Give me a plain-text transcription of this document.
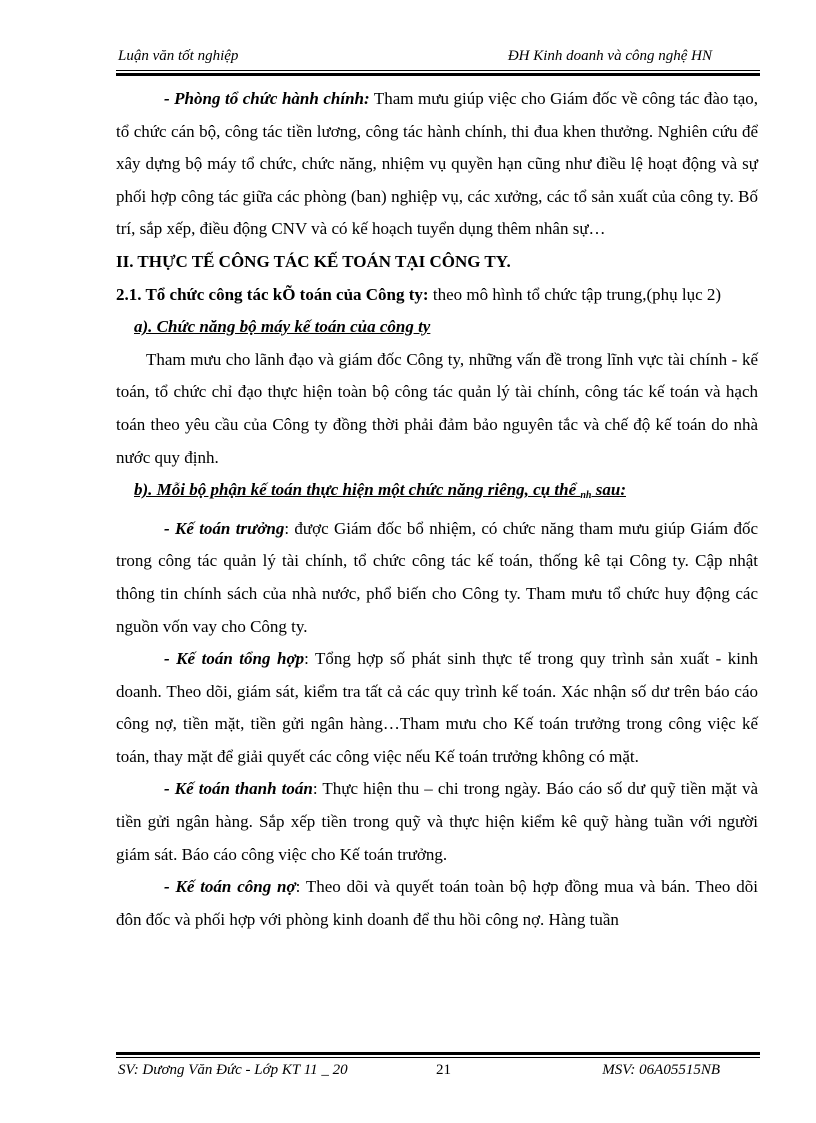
Luận văn tốt nghiệp	ĐH Kinh doanh và công nghệ HN

- Phòng tổ chức hành chính: Tham mưu giúp việc cho Giám đốc về công tác đào tạo, tổ chức cán bộ, công tác tiền lương, công tác hành chính, thi đua khen thưởng. Nghiên cứu để xây dựng bộ máy tổ chức, chức năng, nhiệm vụ quyền hạn cũng như điều lệ hoạt động và sự phối hợp công tác giữa các phòng (ban) nghiệp vụ, các xưởng, các tổ sản xuất của công ty. Bố trí, sắp xếp, điều động CNV và có kế hoạch tuyển dụng thêm nhân sự…

II. THỰC TẾ CÔNG TÁC KẾ TOÁN TẠI CÔNG TY.

2.1. Tổ chức công tác kÕ toán của Công ty: theo mô hình tổ chức tập trung,(phụ lục 2)

a). Chức năng bộ máy kế toán của công ty

Tham mưu cho lãnh đạo và giám đốc Công ty, những vấn đề trong lĩnh vực tài chính - kế toán, tổ chức chỉ đạo thực hiện toàn bộ công tác quản lý tài chính, công tác kế toán và hạch toán theo yêu cầu của Công ty đồng thời phải đảm bảo nguyên tắc và chế độ kế toán do nhà nước quy định.

b). Mỗi bộ phận kế toán thực hiện một chức năng riêng, cụ thể nh sau:

- Kế toán trưởng: được Giám đốc bổ nhiệm, có chức năng tham mưu giúp Giám đốc trong công tác quản lý tài chính, tổ chức công tác kế toán, thống kê tại Công ty. Cập nhật thông tin chính sách của nhà nước, phổ biến cho Công ty. Tham mưu tổ chức huy động các nguồn vốn vay cho Công ty.

- Kế toán tổng hợp: Tổng hợp số phát sinh thực tế trong quy trình sản xuất - kinh doanh. Theo dõi, giám sát, kiểm tra tất cả các quy trình kế toán. Xác nhận số dư trên báo cáo công nợ, tiền mặt, tiền gửi ngân hàng…Tham mưu cho Kế toán trưởng trong công việc kế toán, thay mặt để giải quyết các công việc nếu Kế toán trưởng không có mặt.

- Kế toán thanh toán: Thực hiện thu – chi trong ngày. Báo cáo số dư quỹ tiền mặt và tiền gửi ngân hàng. Sắp xếp tiền trong quỹ và thực hiện kiểm kê quỹ hàng tuần với người giám sát. Báo cáo công việc cho Kế toán trưởng.

- Kế toán công nợ: Theo dõi và quyết toán toàn bộ hợp đồng mua và bán. Theo dõi đôn đốc và phối hợp với phòng kinh doanh để thu hồi công nợ. Hàng tuần

SV: Dương Văn Đức - Lớp KT 11 _ 20	21	MSV: 06A05515NB
